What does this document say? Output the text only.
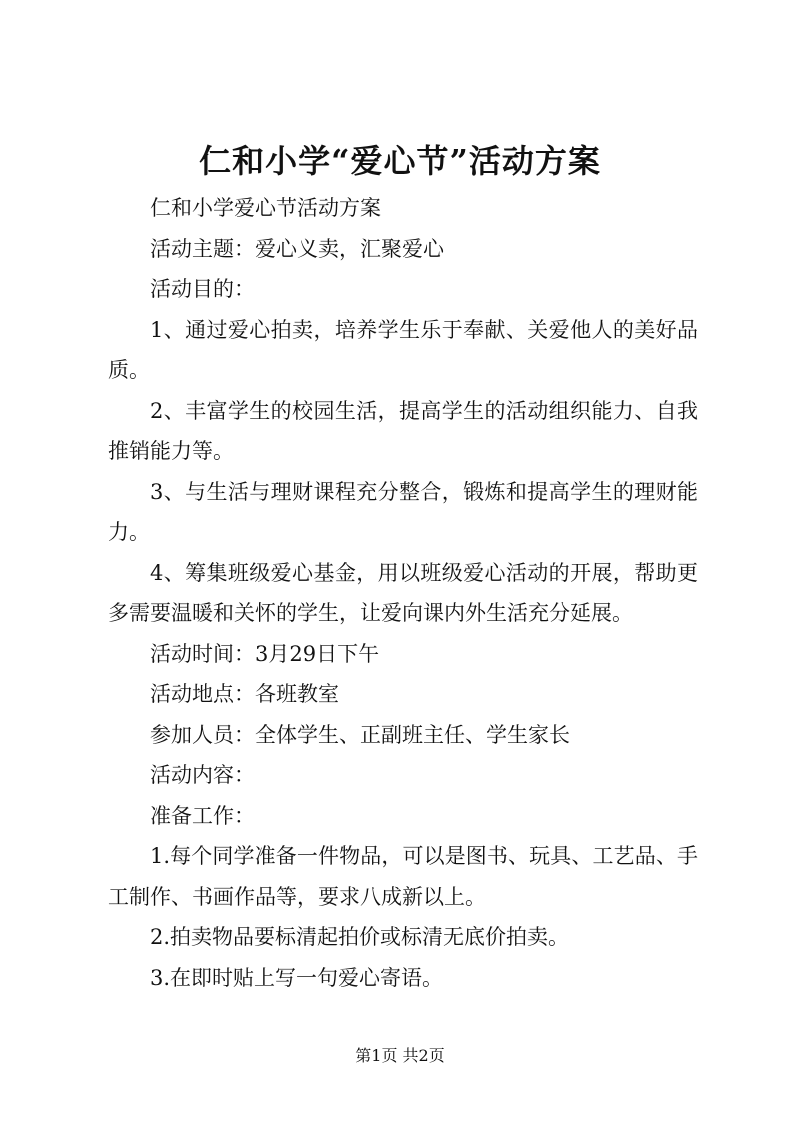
仁和小学“爱心节”活动方案

仁和小学爱心节活动方案

活动主题：爱心义卖，汇聚爱心

活动目的：

1、通过爱心拍卖，培养学生乐于奉献、关爱他人的美好品质。

2、丰富学生的校园生活，提高学生的活动组织能力、自我推销能力等。

3、与生活与理财课程充分整合，锻炼和提高学生的理财能力。

4、筹集班级爱心基金，用以班级爱心活动的开展，帮助更多需要温暖和关怀的学生，让爱向课内外生活充分延展。

活动时间：3月29日下午

活动地点：各班教室

参加人员：全体学生、正副班主任、学生家长

活动内容：

准备工作：

1.每个同学准备一件物品，可以是图书、玩具、工艺品、手工制作、书画作品等，要求八成新以上。

2.拍卖物品要标清起拍价或标清无底价拍卖。

3.在即时贴上写一句爱心寄语。

第1页 共2页
